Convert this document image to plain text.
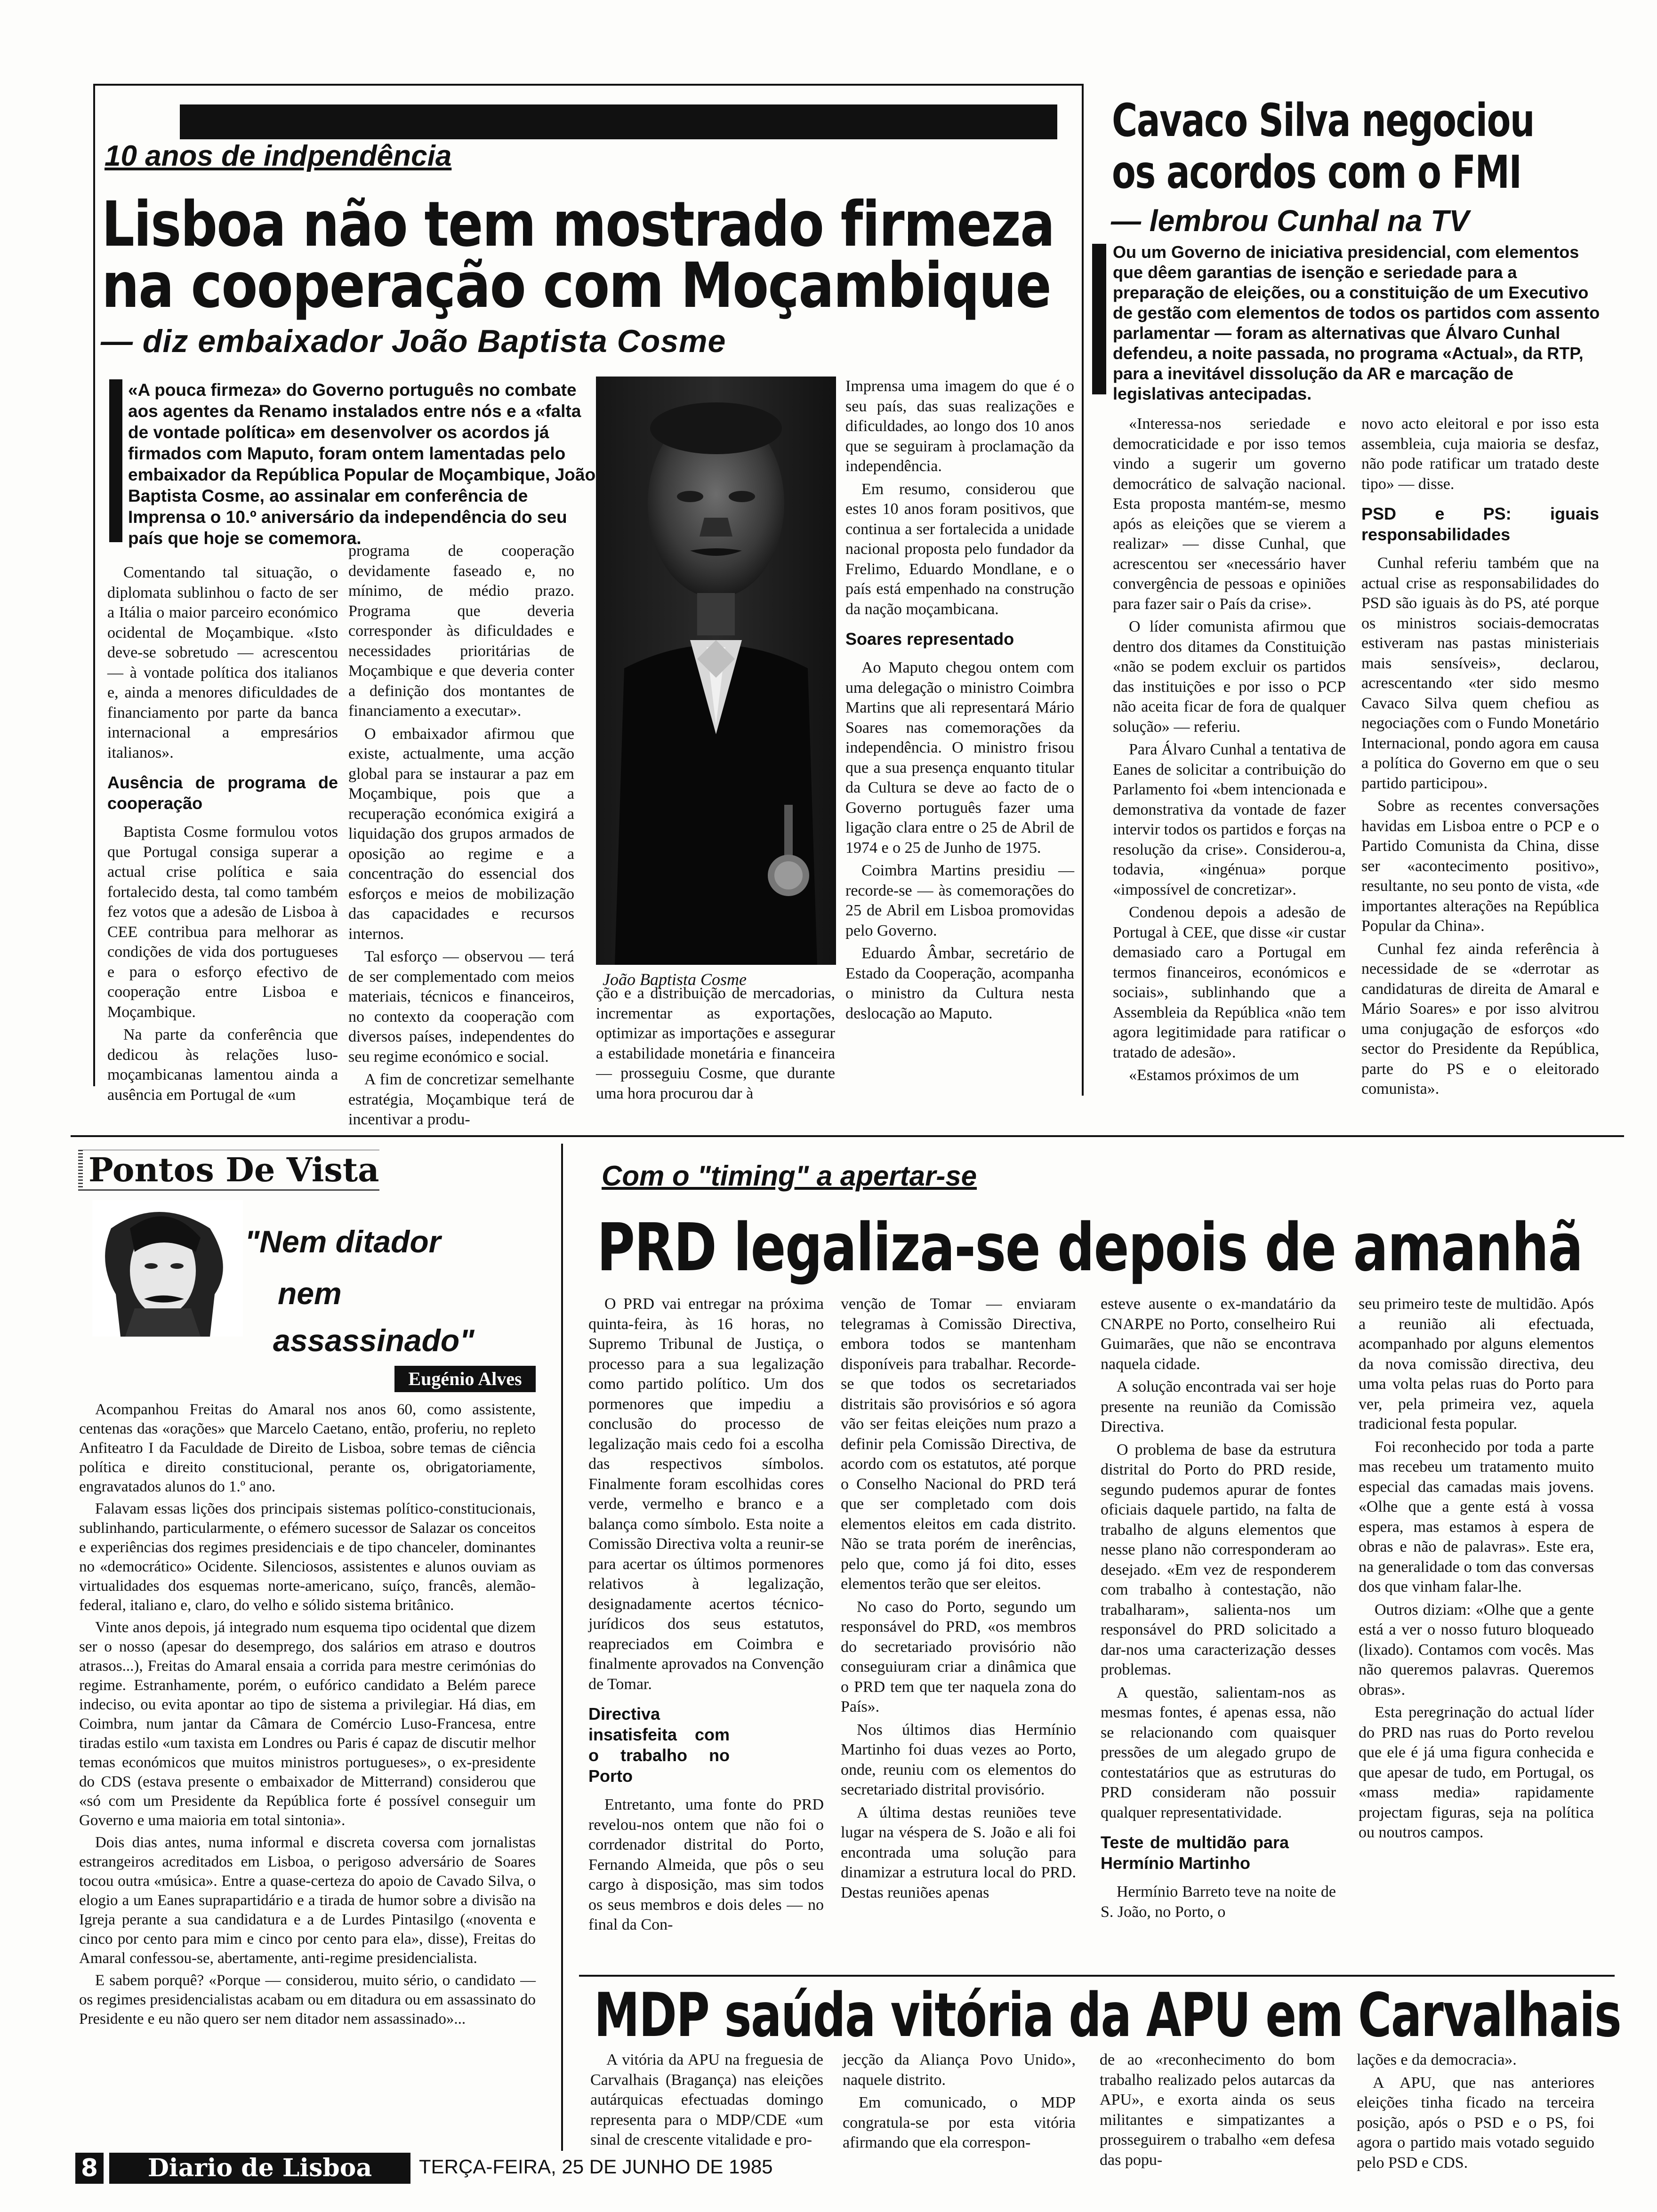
10 anos de indpendência
Lisboa não tem mostrado firmeza
na cooperação com Moçambique
— diz embaixador João Baptista Cosme
«A pouca firmeza» do Governo português no combate aos agentes da Renamo instalados entre nós e a «falta de vontade política» em desenvolver os acordos já firmados com Maputo, foram ontem lamentadas pelo embaixador da República Popular de Moçambique, João Baptista Cosme, ao assinalar em conferência de Imprensa o 10.º aniversário da independência do seu país que hoje se comemora.

Comentando tal situação, o diplomata sublinhou o facto de ser a Itália o maior parceiro económico ocidental de Moçambique. «Isto deve-se sobretudo — acrescentou — à vontade política dos italianos e, ainda a menores dificuldades de financiamento por parte da banca internacional a empresários italianos».

Ausência de programa de cooperação

Baptista Cosme formulou votos que Portugal consiga superar a actual crise política e saia fortalecido desta, tal como também fez votos que a adesão de Lisboa à CEE contribua para melhorar as condições de vida dos portugueses e para o esforço efectivo de cooperação entre Lisboa e Moçambique.

Na parte da conferência que dedicou às relações luso-moçambicanas lamentou ainda a ausência em Portugal de «um

programa de cooperação devidamente faseado e, no mínimo, de médio prazo. Programa que deveria corresponder às dificuldades e necessidades prioritárias de Moçambique e que deveria conter a definição dos montantes de financiamento a executar».

O embaixador afirmou que existe, actualmente, uma acção global para se instaurar a paz em Moçambique, pois que a recuperação económica exigirá a liquidação dos grupos armados de oposição ao regime e a concentração do essencial dos esforços e meios de mobilização das capacidades e recursos internos.

Tal esforço — observou — terá de ser complementado com meios materiais, técnicos e financeiros, no contexto da cooperação com diversos países, independentes do seu regime económico e social.

A fim de concretizar semelhante estratégia, Moçambique terá de incentivar a produ-

João Baptista Cosme

ção e a distribuição de mercadorias, incrementar as exportações, optimizar as importações e assegurar a estabilidade monetária e financeira — prosseguiu Cosme, que durante uma hora procurou dar à

Imprensa uma imagem do que é o seu país, das suas realizações e dificuldades, ao longo dos 10 anos que se seguiram à proclamação da independência.

Em resumo, considerou que estes 10 anos foram positivos, que continua a ser fortalecida a unidade nacional proposta pelo fundador da Frelimo, Eduardo Mondlane, e o país está empenhado na construção da nação moçambicana.

Soares representado

Ao Maputo chegou ontem com uma delegação o ministro Coimbra Martins que ali representará Mário Soares nas comemorações da independência. O ministro frisou que a sua presença enquanto titular da Cultura se deve ao facto de o Governo português fazer uma ligação clara entre o 25 de Abril de 1974 e o 25 de Junho de 1975.

Coimbra Martins presidiu — recorde-se — às comemorações do 25 de Abril em Lisboa promovidas pelo Governo.

Eduardo Âmbar, secretário de Estado da Cooperação, acompanha o ministro da Cultura nesta deslocação ao Maputo.

Cavaco Silva negociou
os acordos com o FMI
— lembrou Cunhal na TV
Ou um Governo de iniciativa presidencial, com elementos que dêem garantias de isenção e seriedade para a preparação de eleições, ou a constituição de um Executivo de gestão com elementos de todos os partidos com assento parlamentar — foram as alternativas que Álvaro Cunhal defendeu, a noite passada, no programa «Actual», da RTP, para a inevitável dissolução da AR e marcação de legislativas antecipadas.

«Interessa-nos seriedade e democraticidade e por isso temos vindo a sugerir um governo democrático de salvação nacional. Esta proposta mantém-se, mesmo após as eleições que se vierem a realizar» — disse Cunhal, que acrescentou ser «necessário haver convergência de pessoas e opiniões para fazer sair o País da crise».

O líder comunista afirmou que dentro dos ditames da Constituição «não se podem excluir os partidos das instituições e por isso o PCP não aceita ficar de fora de qualquer solução» — referiu.

Para Álvaro Cunhal a tentativa de Eanes de solicitar a contribuição do Parlamento foi «bem intencionada e demonstrativa da vontade de fazer intervir todos os partidos e forças na resolução da crise». Considerou-a, todavia, «ingénua» porque «impossível de concretizar».

Condenou depois a adesão de Portugal à CEE, que disse «ir custar demasiado caro a Portugal em termos financeiros, económicos e sociais», sublinhando que a Assembleia da República «não tem agora legitimidade para ratificar o tratado de adesão».

«Estamos próximos de um

novo acto eleitoral e por isso esta assembleia, cuja maioria se desfaz, não pode ratificar um tratado deste tipo» — disse.

PSD e PS: iguais responsabilidades

Cunhal referiu também que na actual crise as responsabilidades do PSD são iguais às do PS, até porque os ministros sociais-democratas estiveram nas pastas ministeriais mais sensíveis», declarou, acrescentando «ter sido mesmo Cavaco Silva quem chefiou as negociações com o Fundo Monetário Internacional, pondo agora em causa a política do Governo em que o seu partido participou».

Sobre as recentes conversações havidas em Lisboa entre o PCP e o Partido Comunista da China, disse ser «acontecimento positivo», resultante, no seu ponto de vista, «de importantes alterações na República Popular da China».

Cunhal fez ainda referência à necessidade de se «derrotar as candidaturas de direita de Amaral e Mário Soares» e por isso alvitrou uma conjugação de esforços «do sector do Presidente da República, parte do PS e o eleitorado comunista».

Pontos De Vista
"Nem ditador
nem
assassinado"
Eugénio Alves

Acompanhou Freitas do Amaral nos anos 60, como assistente, centenas das «orações» que Marcelo Caetano, então, proferiu, no repleto Anfiteatro I da Faculdade de Direito de Lisboa, sobre temas de ciência política e direito constitucional, perante os, obrigatoriamente, engravatados alunos do 1.º ano.

Falavam essas lições dos principais sistemas político-constitucionais, sublinhando, particularmente, o efémero sucessor de Salazar os conceitos e experiências dos regimes presidenciais e de tipo chanceler, dominantes no «democrático» Ocidente. Silenciosos, assistentes e alunos ouviam as virtualidades dos esquemas norte-americano, suíço, francês, alemão-federal, italiano e, claro, do velho e sólido sistema britânico.

Vinte anos depois, já integrado num esquema tipo ocidental que dizem ser o nosso (apesar do desemprego, dos salários em atraso e doutros atrasos...), Freitas do Amaral ensaia a corrida para mestre cerimónias do regime. Estranhamente, porém, o eufórico candidato a Belém parece indeciso, ou evita apontar ao tipo de sistema a privilegiar. Há dias, em Coimbra, num jantar da Câmara de Comércio Luso-Francesa, entre tiradas estilo «um taxista em Londres ou Paris é capaz de discutir melhor temas económicos que muitos ministros portugueses», o ex-presidente do CDS (estava presente o embaixador de Mitterrand) considerou que «só com um Presidente da República forte é possível conseguir um Governo e uma maioria em total sintonia».

Dois dias antes, numa informal e discreta coversa com jornalistas estrangeiros acreditados em Lisboa, o perigoso adversário de Soares tocou outra «música». Entre a quase-certeza do apoio de Cavado Silva, o elogio a um Eanes suprapartidário e a tirada de humor sobre a divisão na Igreja perante a sua candidatura e a de Lurdes Pintasilgo («noventa e cinco por cento para mim e cinco por cento para ela», disse), Freitas do Amaral confessou-se, abertamente, anti-regime presidencialista.

E sabem porquê? «Porque — considerou, muito sério, o candidato — os regimes presidencialistas acabam ou em ditadura ou em assassinato do Presidente e eu não quero ser nem ditador nem assassinado»...

Com o "timing" a apertar-se
PRD legaliza-se depois de amanhã

O PRD vai entregar na próxima quinta-feira, às 16 horas, no Supremo Tribunal de Justiça, o processo para a sua legalização como partido político. Um dos pormenores que impediu a conclusão do processo de legalização mais cedo foi a escolha das respectivos símbolos. Finalmente foram escolhidas cores verde, vermelho e branco e a balança como símbolo. Esta noite a Comissão Directiva volta a reunir-se para acertar os últimos pormenores relativos à legalização, designadamente acertos técnico-jurídicos dos seus estatutos, reapreciados em Coimbra e finalmente aprovados na Convenção de Tomar.

Directiva insatisfeita com o trabalho no Porto

Entretanto, uma fonte do PRD revelou-nos ontem que não foi o corrdenador distrital do Porto, Fernando Almeida, que pôs o seu cargo à disposição, mas sim todos os seus membros e dois deles — no final da Con-

venção de Tomar — enviaram telegramas à Comissão Directiva, embora todos se mantenham disponíveis para trabalhar. Recorde-se que todos os secretariados distritais são provisórios e só agora vão ser feitas eleições num prazo a definir pela Comissão Directiva, de acordo com os estatutos, até porque o Conselho Nacional do PRD terá que ser completado com dois elementos eleitos em cada distrito. Não se trata porém de inerências, pelo que, como já foi dito, esses elementos terão que ser eleitos.

No caso do Porto, segundo um responsável do PRD, «os membros do secretariado provisório não conseguiuram criar a dinâmica que o PRD tem que ter naquela zona do País».

Nos últimos dias Hermínio Martinho foi duas vezes ao Porto, onde, reuniu com os elementos do secretariado distrital provisório.

A última destas reuniões teve lugar na véspera de S. João e ali foi encontrada uma solução para dinamizar a estrutura local do PRD. Destas reuniões apenas

esteve ausente o ex-mandatário da CNARPE no Porto, conselheiro Rui Guimarães, que não se encontrava naquela cidade.

A solução encontrada vai ser hoje presente na reunião da Comissão Directiva.

O problema de base da estrutura distrital do Porto do PRD reside, segundo pudemos apurar de fontes oficiais daquele partido, na falta de trabalho de alguns elementos que nesse plano não corresponderam ao desejado. «Em vez de responderem com trabalho à contestação, não trabalharam», salienta-nos um responsável do PRD solicitado a dar-nos uma caracterização desses problemas.

A questão, salientam-nos as mesmas fontes, é apenas essa, não se relacionando com quaisquer pressões de um alegado grupo de contestatários que as estruturas do PRD consideram não possuir qualquer representatividade.

Teste de multidão para Hermínio Martinho

Hermínio Barreto teve na noite de S. João, no Porto, o

seu primeiro teste de multidão. Após a reunião ali efectuada, acompanhado por alguns elementos da nova comissão directiva, deu uma volta pelas ruas do Porto para ver, pela primeira vez, aquela tradicional festa popular.

Foi reconhecido por toda a parte mas recebeu um tratamento muito especial das camadas mais jovens. «Olhe que a gente está à vossa espera, mas estamos à espera de obras e não de palavras». Este era, na generalidade o tom das conversas dos que vinham falar-lhe.

Outros diziam: «Olhe que a gente está a ver o nosso futuro bloqueado (lixado). Contamos com vocês. Mas não queremos palavras. Queremos obras».

Esta peregrinação do actual líder do PRD nas ruas do Porto revelou que ele é já uma figura conhecida e que apesar de tudo, em Portugal, os «mass media» rapidamente projectam figuras, seja na política ou noutros campos.

MDP saúda vitória da APU em Carvalhais

A vitória da APU na freguesia de Carvalhais (Bragança) nas eleições autárquicas efectuadas domingo representa para o MDP/CDE «um sinal de crescente vitalidade e pro-

jecção da Aliança Povo Unido», naquele distrito.

Em comunicado, o MDP congratula-se por esta vitória afirmando que ela correspon-

de ao «reconhecimento do bom trabalho realizado pelos autarcas da APU», e exorta ainda os seus militantes e simpatizantes a prosseguirem o trabalho «em defesa das popu-

lações e da democracia».

A APU, que nas anteriores eleições tinha ficado na terceira posição, após o PSD e o PS, foi agora o partido mais votado seguido pelo PSD e CDS.

8	Diario de Lisboa	TERÇA-FEIRA, 25 DE JUNHO DE 1985
